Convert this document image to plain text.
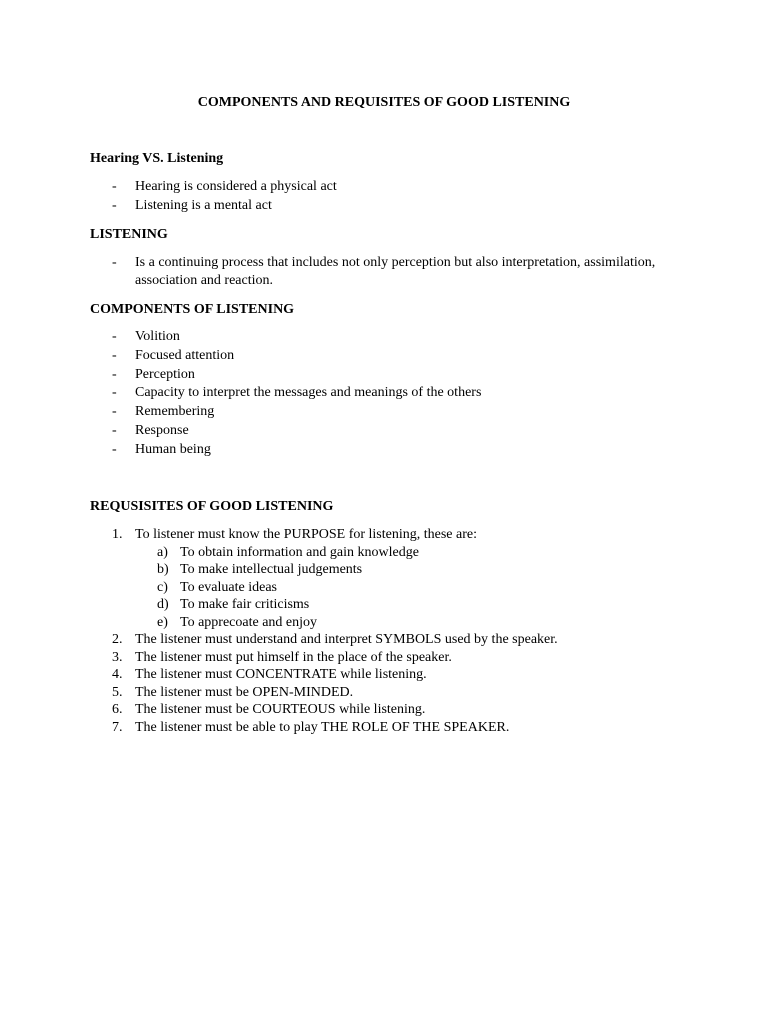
COMPONENTS AND REQUISITES OF GOOD LISTENING
Hearing VS. Listening
- Hearing is considered a physical act
- Listening is a mental act
LISTENING
- Is a continuing process that includes not only perception but also interpretation, assimilation, association and reaction.
COMPONENTS OF LISTENING
- Volition
- Focused attention
- Perception
- Capacity to interpret the messages and meanings of the others
- Remembering
- Response
- Human being
REQUSISITES OF GOOD LISTENING
1. To listener must know the PURPOSE for listening, these are:
a) To obtain information and gain knowledge
b) To make intellectual judgements
c) To evaluate ideas
d) To make fair criticisms
e) To apprecoate and enjoy
2. The listener must understand and interpret SYMBOLS used by the speaker.
3. The listener must put himself in the place of the speaker.
4. The listener must CONCENTRATE while listening.
5. The listener must be OPEN-MINDED.
6. The listener must be COURTEOUS while listening.
7. The listener must be able to play THE ROLE OF THE SPEAKER.
